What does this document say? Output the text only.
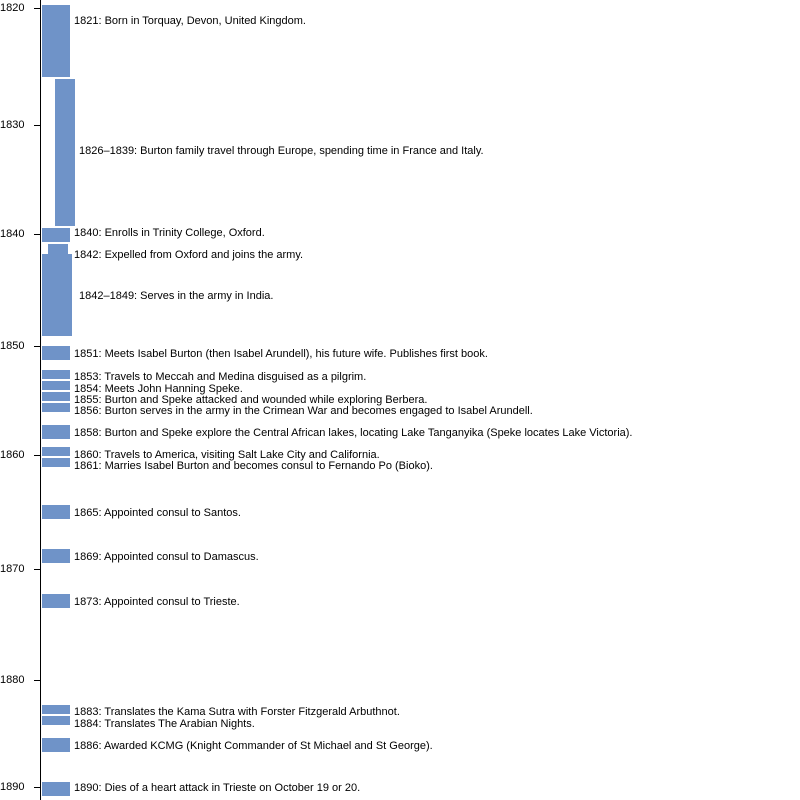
1820
1830
1840
1850
1860
1870
1880
1890
1821: Born in Torquay, Devon, United Kingdom.
1826–1839: Burton family travel through Europe, spending time in France and Italy.
1840: Enrolls in Trinity College, Oxford.
1842: Expelled from Oxford and joins the army.
1842–1849: Serves in the army in India.
1851: Meets Isabel Burton (then Isabel Arundell), his future wife. Publishes first book.
1853: Travels to Meccah and Medina disguised as a pilgrim.
1854: Meets John Hanning Speke.
1855: Burton and Speke attacked and wounded while exploring Berbera.
1856: Burton serves in the army in the Crimean War and becomes engaged to Isabel Arundell.
1858: Burton and Speke explore the Central African lakes, locating Lake Tanganyika (Speke locates Lake Victoria).
1860: Travels to America, visiting Salt Lake City and California.
1861: Marries Isabel Burton and becomes consul to Fernando Po (Bioko).
1865: Appointed consul to Santos.
1869: Appointed consul to Damascus.
1873: Appointed consul to Trieste.
1883: Translates the Kama Sutra with Forster Fitzgerald Arbuthnot.
1884: Translates The Arabian Nights.
1886: Awarded KCMG (Knight Commander of St Michael and St George).
1890: Dies of a heart attack in Trieste on October 19 or 20.
